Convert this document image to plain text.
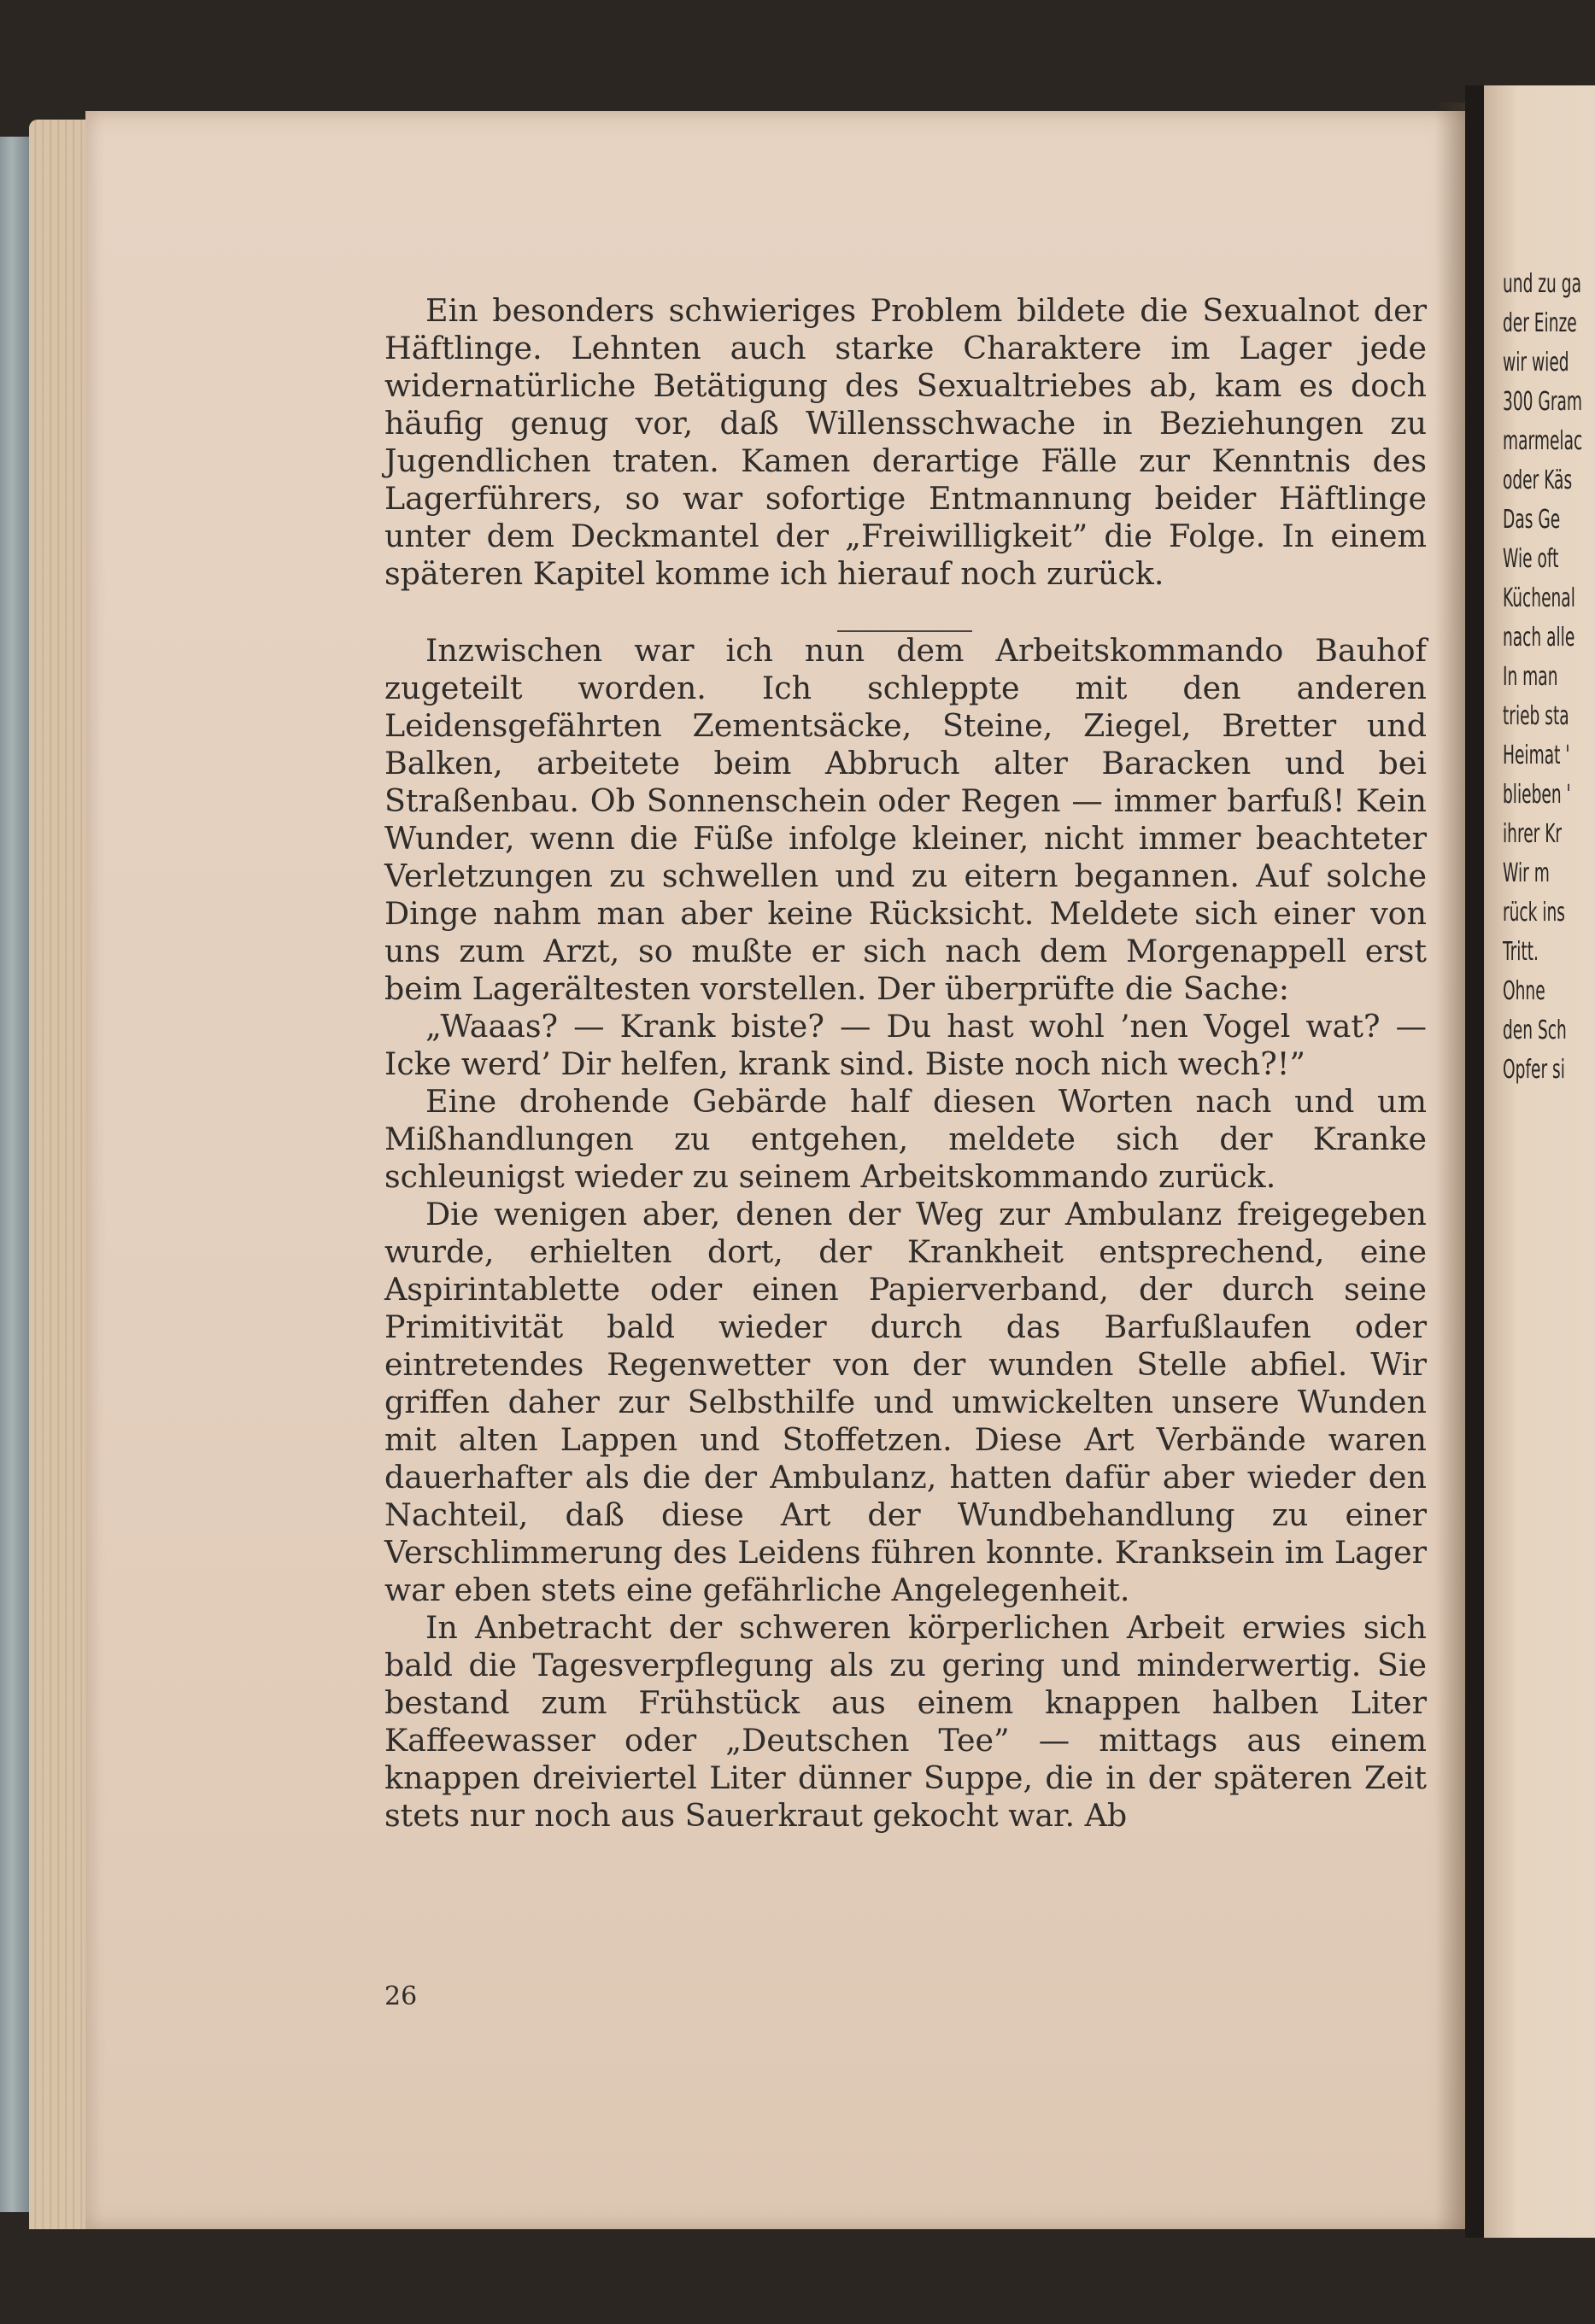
und zu ga
der Einze
wir wied
300 Gram
marmelac
oder Käs
Das Ge
Wie oft
Küchenal
nach alle
In man
trieb sta
Heimat '
blieben '
ihrer Kr
Wir m
rück ins
Tritt.
Ohne
den Sch
Opfer si

Ein besonders schwieriges Problem bildete die Sexualnot der Häftlinge. Lehnten auch starke Charaktere im Lager jede widernatürliche Betätigung des Sexualtriebes ab, kam es doch häufig genug vor, daß Willensschwache in Beziehungen zu Jugendlichen traten. Kamen derartige Fälle zur Kenntnis des Lagerführers, so war sofortige Entmannung beider Häftlinge unter dem Deckmantel der „Freiwilligkeit” die Folge. In einem späteren Kapitel komme ich hierauf noch zurück.

Inzwischen war ich nun dem Arbeitskommando Bauhof zugeteilt worden. Ich schleppte mit den anderen Leidensgefährten Zementsäcke, Steine, Ziegel, Bretter und Balken, arbeitete beim Abbruch alter Baracken und bei Straßenbau. Ob Sonnenschein oder Regen — immer barfuß! Kein Wunder, wenn die Füße infolge kleiner, nicht immer beachteter Verletzungen zu schwellen und zu eitern begannen. Auf solche Dinge nahm man aber keine Rücksicht. Meldete sich einer von uns zum Arzt, so mußte er sich nach dem Morgenappell erst beim Lagerältesten vorstellen. Der überprüfte die Sache:

„Waaas? — Krank biste? — Du hast wohl ’nen Vogel wat? — Icke werd’ Dir helfen, krank sind. Biste noch nich wech?!”

Eine drohende Gebärde half diesen Worten nach und um Mißhandlungen zu entgehen, meldete sich der Kranke schleunigst wieder zu seinem Arbeitskommando zurück.

Die wenigen aber, denen der Weg zur Ambulanz freigegeben wurde, erhielten dort, der Krankheit entsprechend, eine Aspirintablette oder einen Papierverband, der durch seine Primitivität bald wieder durch das Barfußlaufen oder eintretendes Regenwetter von der wunden Stelle abfiel. Wir griffen daher zur Selbsthilfe und umwickelten unsere Wunden mit alten Lappen und Stoffetzen. Diese Art Verbände waren dauerhafter als die der Ambulanz, hatten dafür aber wieder den Nachteil, daß diese Art der Wundbehandlung zu einer Verschlimmerung des Leidens führen konnte. Kranksein im Lager war eben stets eine gefährliche Angelegenheit.

In Anbetracht der schweren körperlichen Arbeit erwies sich bald die Tagesverpflegung als zu gering und minderwertig. Sie bestand zum Frühstück aus einem knappen halben Liter Kaffeewasser oder „Deutschen Tee” — mittags aus einem knappen dreiviertel Liter dünner Suppe, die in der späteren Zeit stets nur noch aus Sauerkraut gekocht war. Ab

26
